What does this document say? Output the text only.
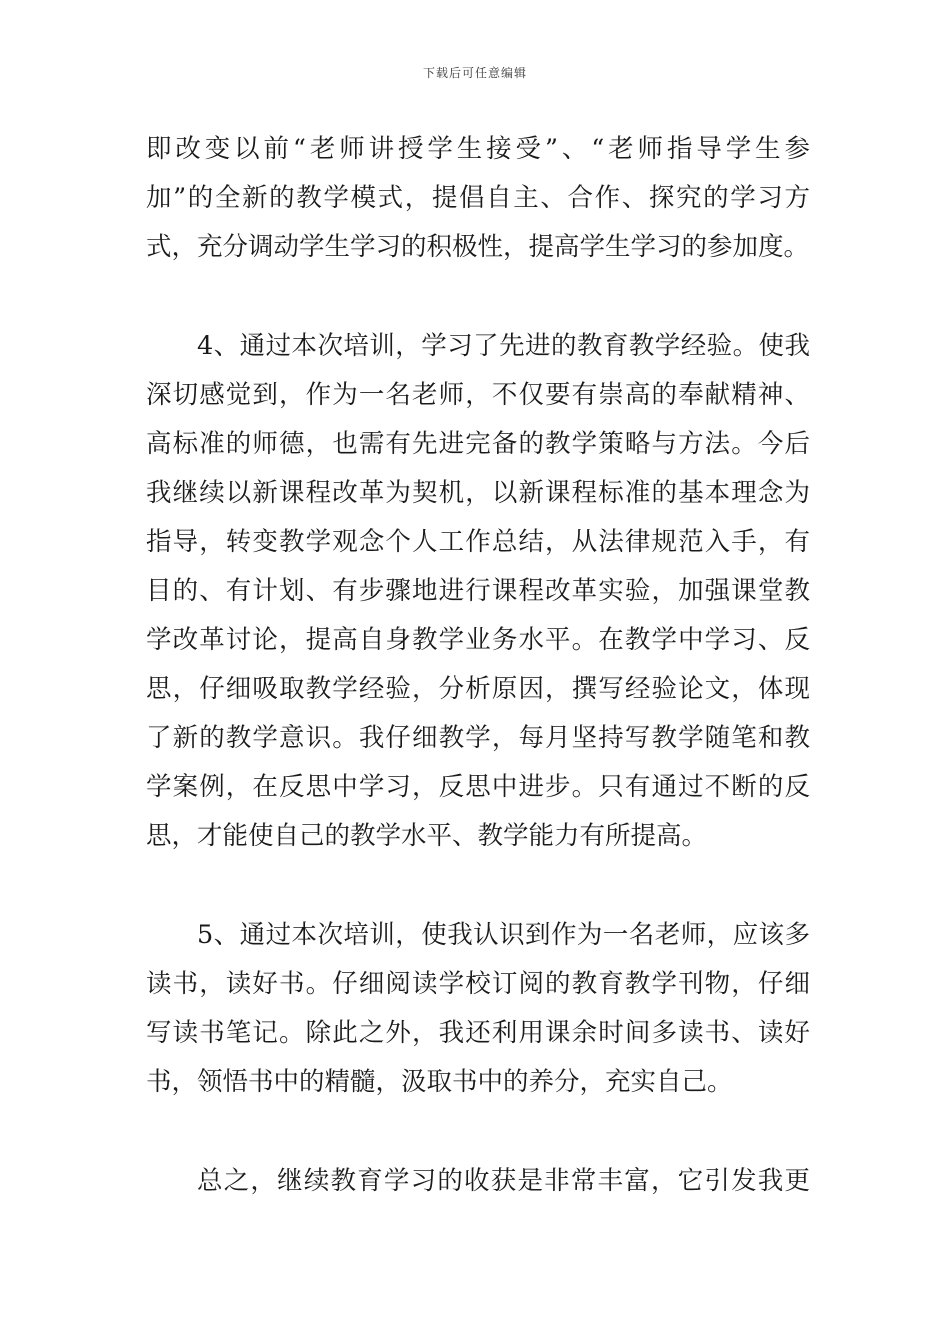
下载后可任意编辑
即改变以前“老师讲授学生接受”、“老师指导学生参
加”的全新的教学模式，提倡自主、合作、探究的学习方
式，充分调动学生学习的积极性，提高学生学习的参加度。
4、通过本次培训，学习了先进的教育教学经验。使我
深切感觉到，作为一名老师，不仅要有崇高的奉献精神、
高标准的师德，也需有先进完备的教学策略与方法。今后
我继续以新课程改革为契机，以新课程标准的基本理念为
指导，转变教学观念个人工作总结，从法律规范入手，有
目的、有计划、有步骤地进行课程改革实验，加强课堂教
学改革讨论，提高自身教学业务水平。在教学中学习、反
思，仔细吸取教学经验，分析原因，撰写经验论文，体现
了新的教学意识。我仔细教学，每月坚持写教学随笔和教
学案例，在反思中学习，反思中进步。只有通过不断的反
思，才能使自己的教学水平、教学能力有所提高。
5、通过本次培训，使我认识到作为一名老师，应该多
读书，读好书。仔细阅读学校订阅的教育教学刊物，仔细
写读书笔记。除此之外，我还利用课余时间多读书、读好
书，领悟书中的精髓，汲取书中的养分，充实自己。
总之，继续教育学习的收获是非常丰富，它引发我更
